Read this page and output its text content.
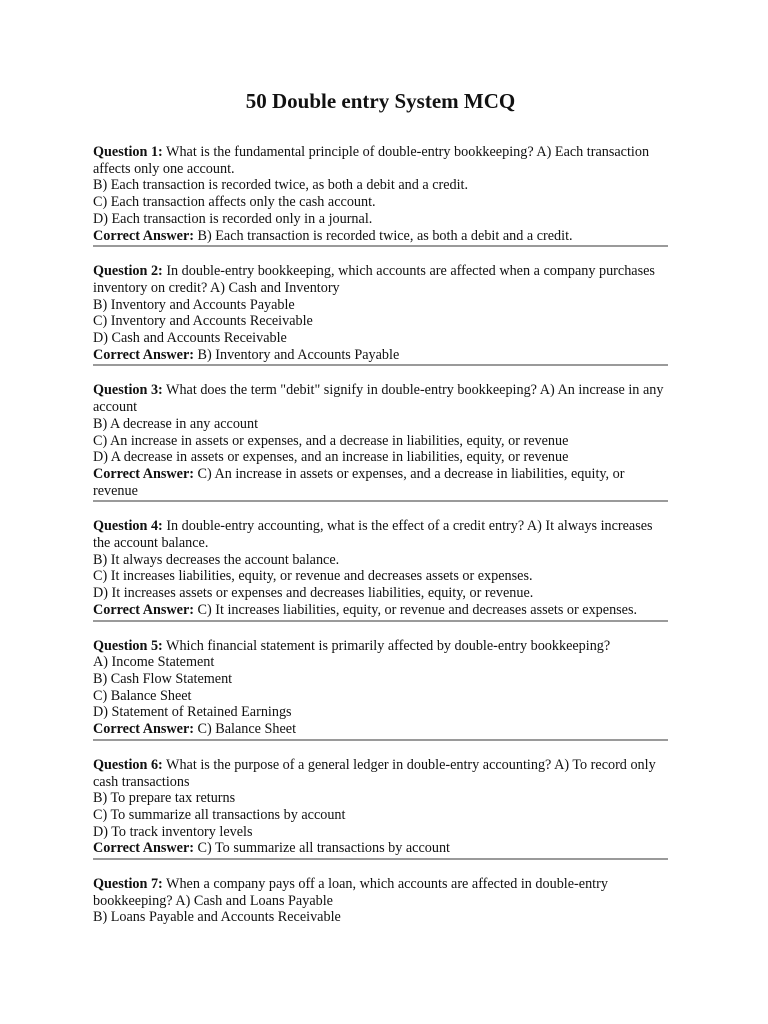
50 Double entry System MCQ
Question 1: What is the fundamental principle of double-entry bookkeeping? A) Each transaction affects only one account.
B) Each transaction is recorded twice, as both a debit and a credit.
C) Each transaction affects only the cash account.
D) Each transaction is recorded only in a journal.
Correct Answer: B) Each transaction is recorded twice, as both a debit and a credit.
Question 2: In double-entry bookkeeping, which accounts are affected when a company purchases inventory on credit? A) Cash and Inventory
B) Inventory and Accounts Payable
C) Inventory and Accounts Receivable
D) Cash and Accounts Receivable
Correct Answer: B) Inventory and Accounts Payable
Question 3: What does the term "debit" signify in double-entry bookkeeping? A) An increase in any account
B) A decrease in any account
C) An increase in assets or expenses, and a decrease in liabilities, equity, or revenue
D) A decrease in assets or expenses, and an increase in liabilities, equity, or revenue
Correct Answer: C) An increase in assets or expenses, and a decrease in liabilities, equity, or revenue
Question 4: In double-entry accounting, what is the effect of a credit entry? A) It always increases the account balance.
B) It always decreases the account balance.
C) It increases liabilities, equity, or revenue and decreases assets or expenses.
D) It increases assets or expenses and decreases liabilities, equity, or revenue.
Correct Answer: C) It increases liabilities, equity, or revenue and decreases assets or expenses.
Question 5: Which financial statement is primarily affected by double-entry bookkeeping?
A) Income Statement
B) Cash Flow Statement
C) Balance Sheet
D) Statement of Retained Earnings
Correct Answer: C) Balance Sheet
Question 6: What is the purpose of a general ledger in double-entry accounting? A) To record only cash transactions
B) To prepare tax returns
C) To summarize all transactions by account
D) To track inventory levels
Correct Answer: C) To summarize all transactions by account
Question 7: When a company pays off a loan, which accounts are affected in double-entry bookkeeping? A) Cash and Loans Payable
B) Loans Payable and Accounts Receivable
